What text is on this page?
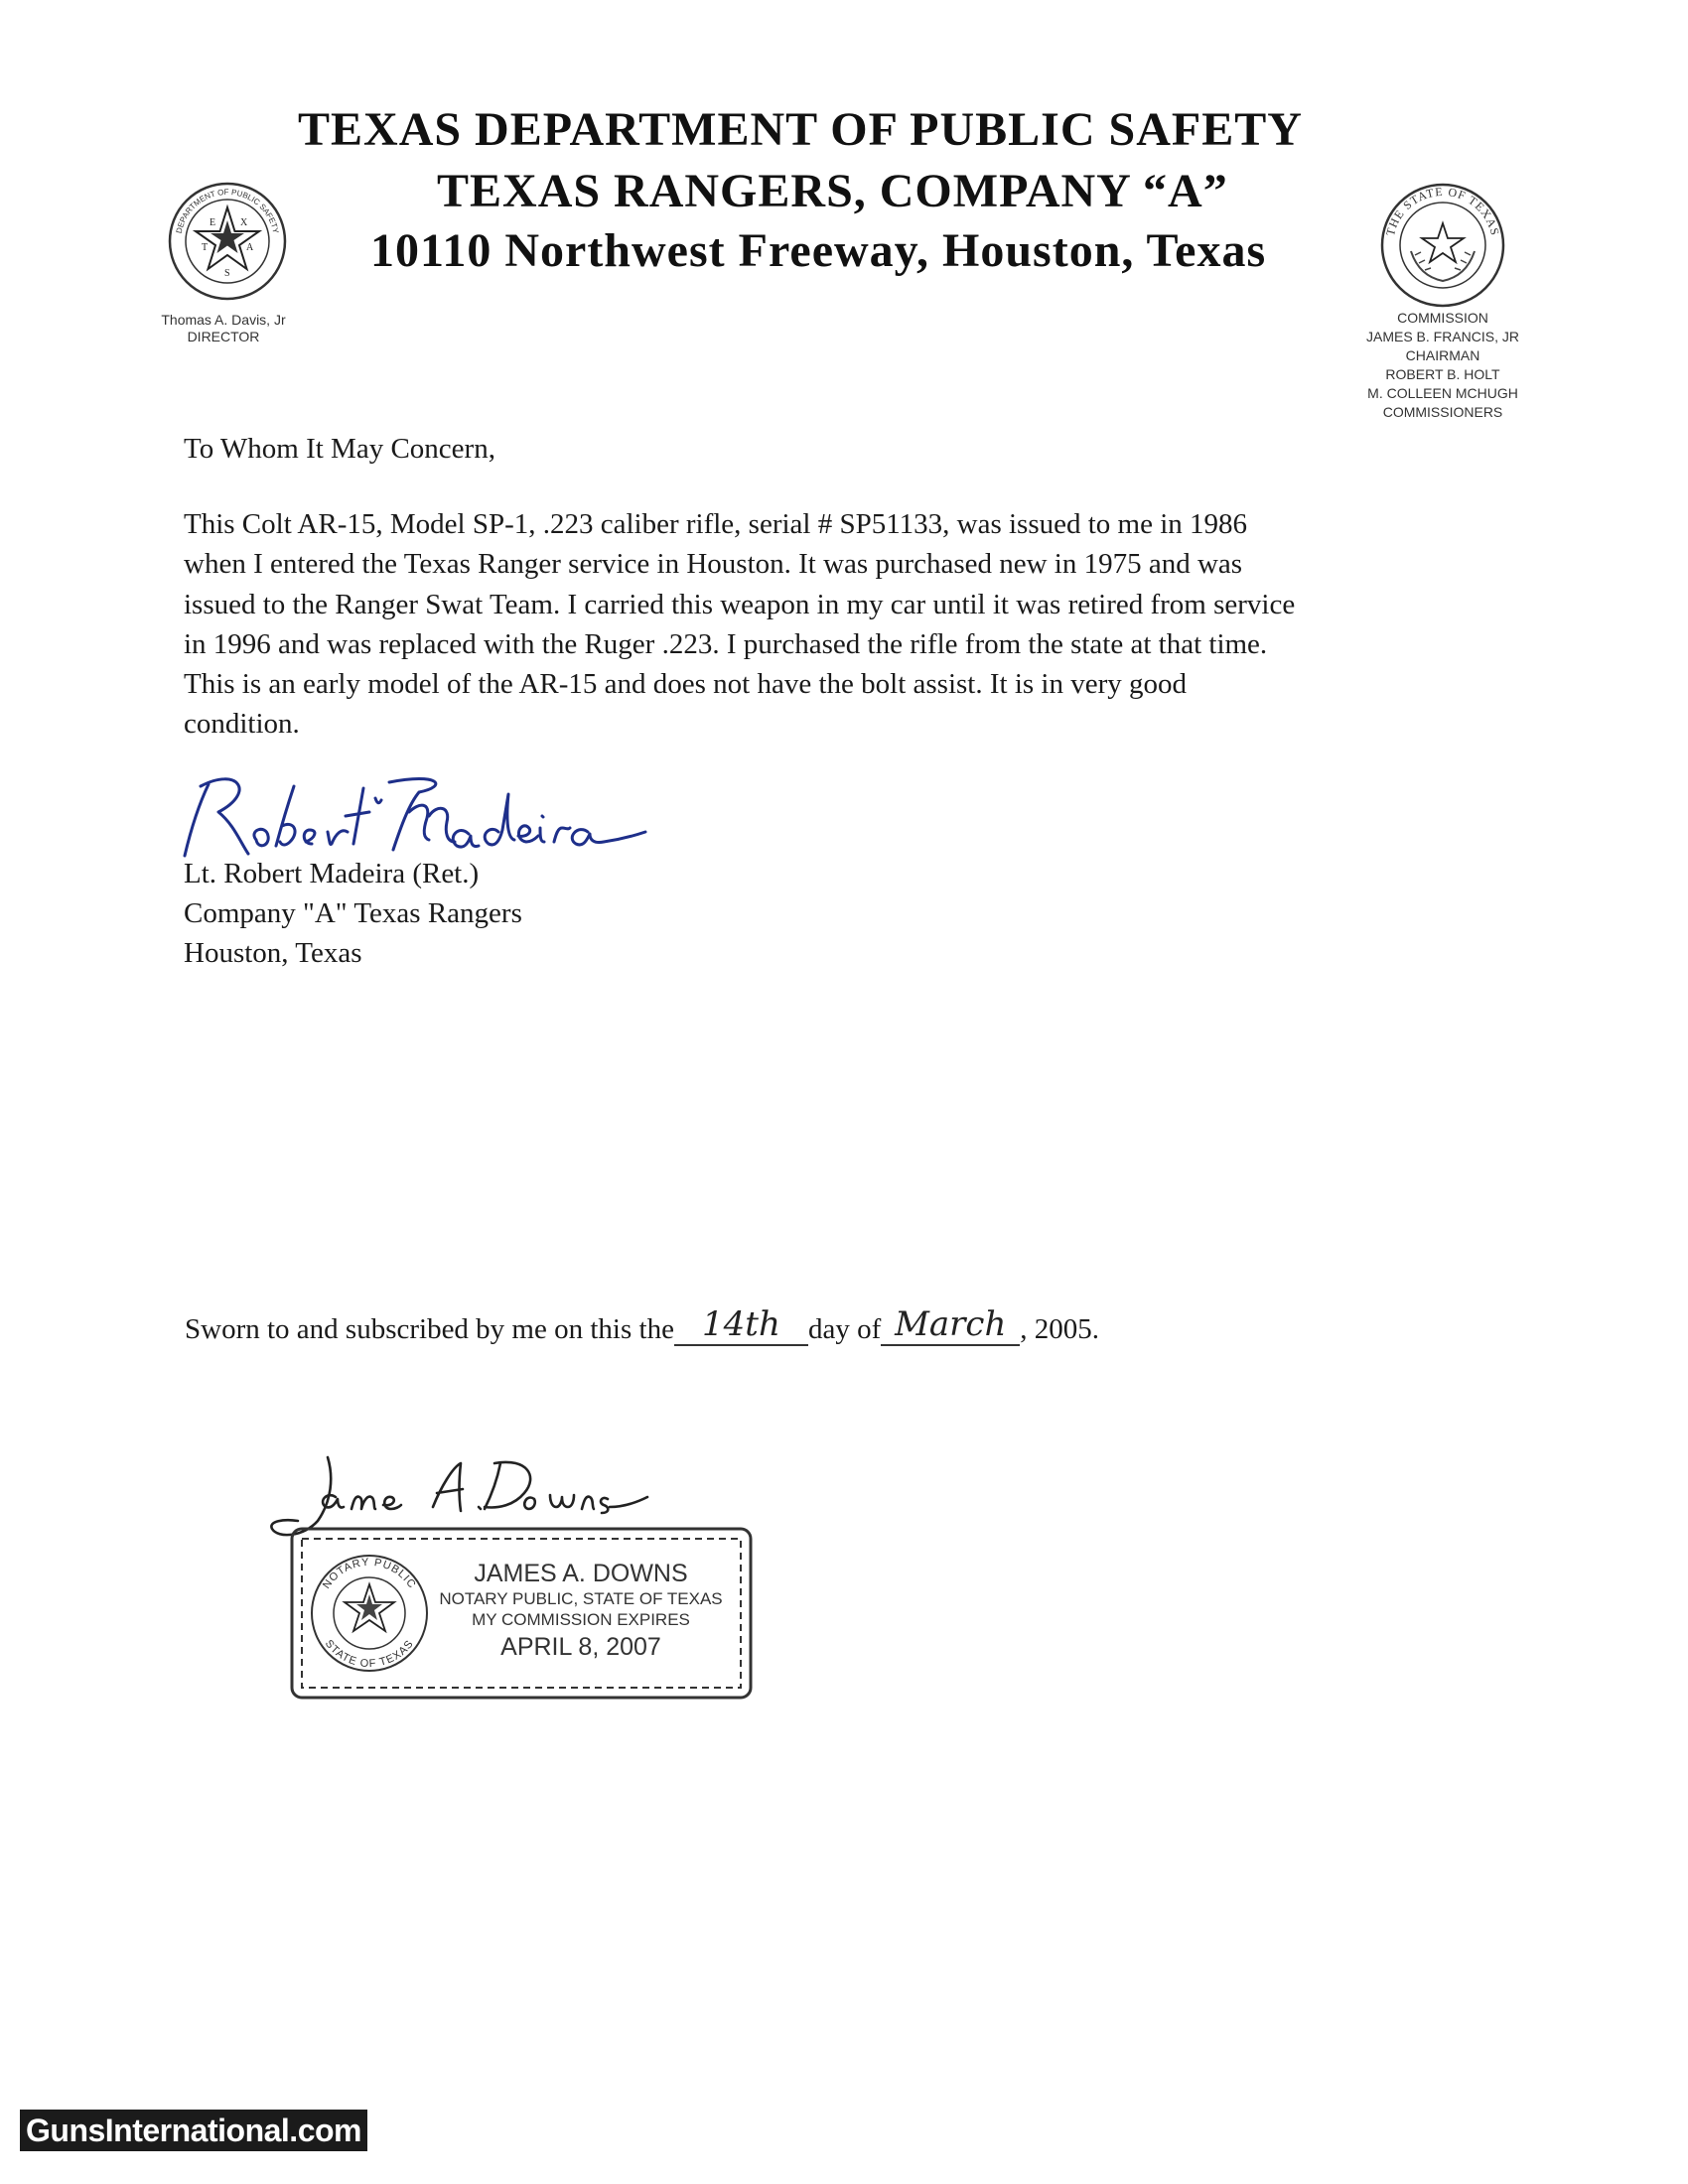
TEXAS DEPARTMENT OF PUBLIC SAFETY
TEXAS RANGERS, COMPANY “A”
10110 Northwest Freeway, Houston, Texas
DEPARTMENT OF PUBLIC SAFETY
E X
T	A
S
THE STATE OF TEXAS
Thomas A. Davis, Jr
DIRECTOR
COMMISSION
JAMES B. FRANCIS, JR
CHAIRMAN
ROBERT B. HOLT
M. COLLEEN MCHUGH
COMMISSIONERS
To Whom It May Concern,
This Colt AR-15, Model SP-1, .223 caliber rifle, serial # SP51133, was issued to me in 1986
when I entered the Texas Ranger service in Houston. It was purchased new in 1975 and was
issued to the Ranger Swat Team. I carried this weapon in my car until it was retired from service
in 1996 and was replaced with the Ruger .223. I purchased the rifle from the state at that time.
This is an early model of the AR-15 and does not have the bolt assist. It is in very good
condition.
Lt. Robert Madeira (Ret.)
Company "A" Texas Rangers
Houston, Texas
Sworn to and subscribed by me on this the 14th day of March , 2005.
NOTARY PUBLIC
STATE OF TEXAS
JAMES A. DOWNS
NOTARY PUBLIC, STATE OF TEXAS
MY COMMISSION EXPIRES
APRIL 8, 2007
GunsInternational.com
